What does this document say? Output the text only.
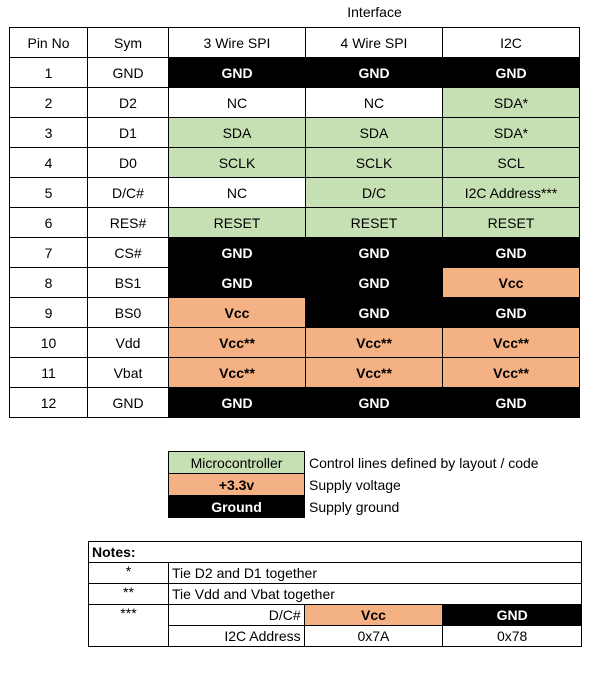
Interface
Pin No	Sym	3 Wire SPI	4 Wire SPI	I2C
1	GND	GND	GND	GND
2	D2	NC	NC	SDA*
3	D1	SDA	SDA	SDA*
4	D0	SCLK	SCLK	SCL
5	D/C#	NC	D/C	I2C Address***
6	RES#	RESET	RESET	RESET
7	CS#	GND	GND	GND
8	BS1	GND	GND	Vcc
9	BS0	Vcc	GND	GND
10	Vdd	Vcc**	Vcc**	Vcc**
11	Vbat	Vcc**	Vcc**	Vcc**
12	GND	GND	GND	GND
Microcontroller	Control lines defined by layout / code
+3.3v	Supply voltage
Ground	Supply ground
Notes:			
*	Tie D2 and D1 together		
**	Tie Vdd and Vbat together		
***	D/C#	Vcc	GND
	I2C Address	0x7A	0x78
